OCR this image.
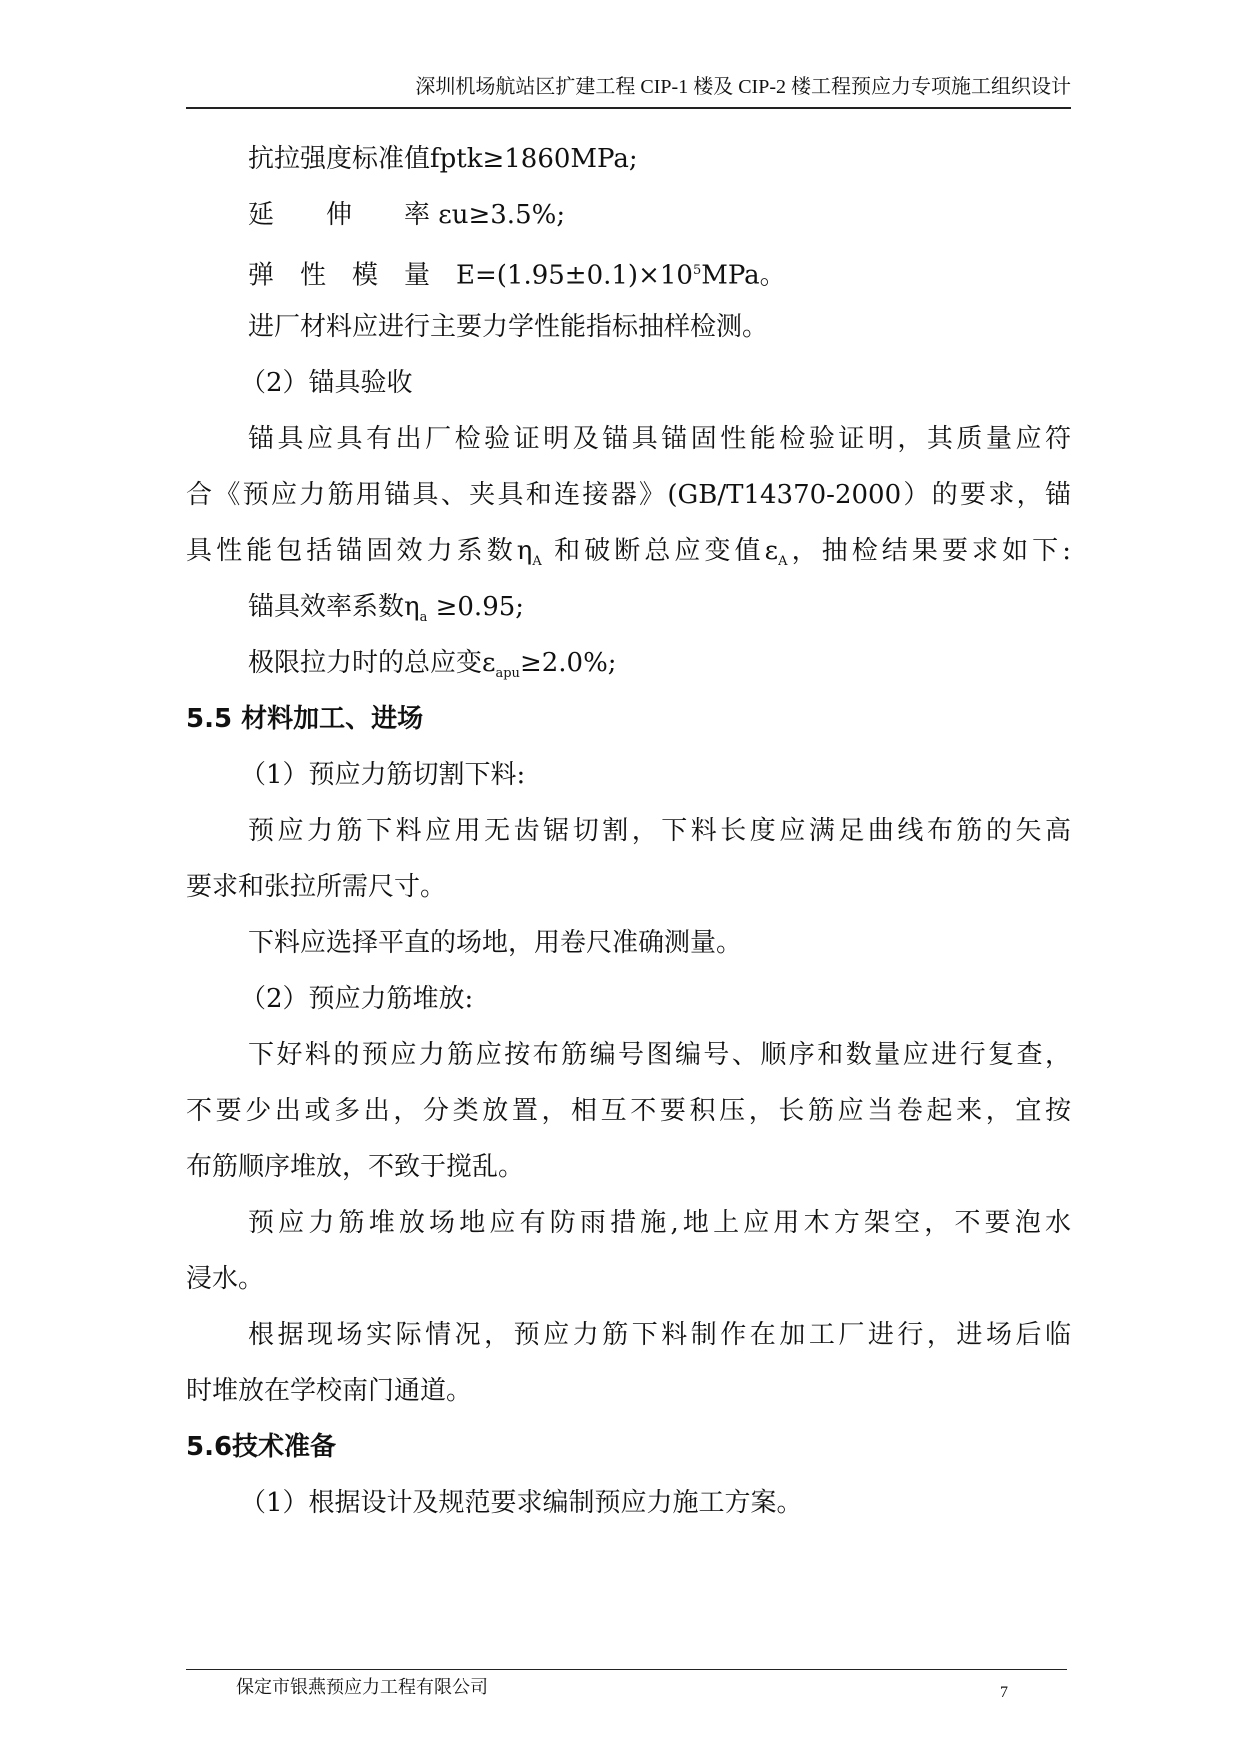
深圳机场航站区扩建工程 CIP-1 楼及 CIP-2 楼工程预应力专项施工组织设计
抗拉强度标准值fptk≥1860MPa;
延　　伸　　率 εu≥3.5%;
弹　性　模　量　$E=(1.95\pm 0.1)\times 10^5MPa$。
进厂材料应进行主要力学性能指标抽样检测。
（2）锚具验收
锚具应具有出厂检验证明及锚具锚固性能检验证明，其质量应符
合《预应力筋用锚具、夹具和连接器》(GB/T14370-2000）的要求，锚
具性能包括锚固效力系数$\eta_A$ 和破断总应变值$\varepsilon_A$，抽检结果要求如下:
锚具效率系数$\eta_a \ge 0.95$;
极限拉力时的总应变$\varepsilon_{apu}\ge 2.0\%$;
5.5 材料加工、进场
（1）预应力筋切割下料:
预应力筋下料应用无齿锯切割，下料长度应满足曲线布筋的矢高
要求和张拉所需尺寸。
下料应选择平直的场地，用卷尺准确测量。
（2）预应力筋堆放:
下好料的预应力筋应按布筋编号图编号、顺序和数量应进行复查，
不要少出或多出，分类放置，相互不要积压，长筋应当卷起来，宜按
布筋顺序堆放，不致于搅乱。
预应力筋堆放场地应有防雨措施,地上应用木方架空，不要泡水
浸水。
根据现场实际情况，预应力筋下料制作在加工厂进行，进场后临
时堆放在学校南门通道。
5.6技术准备
（1）根据设计及规范要求编制预应力施工方案。
保定市银燕预应力工程有限公司	7
